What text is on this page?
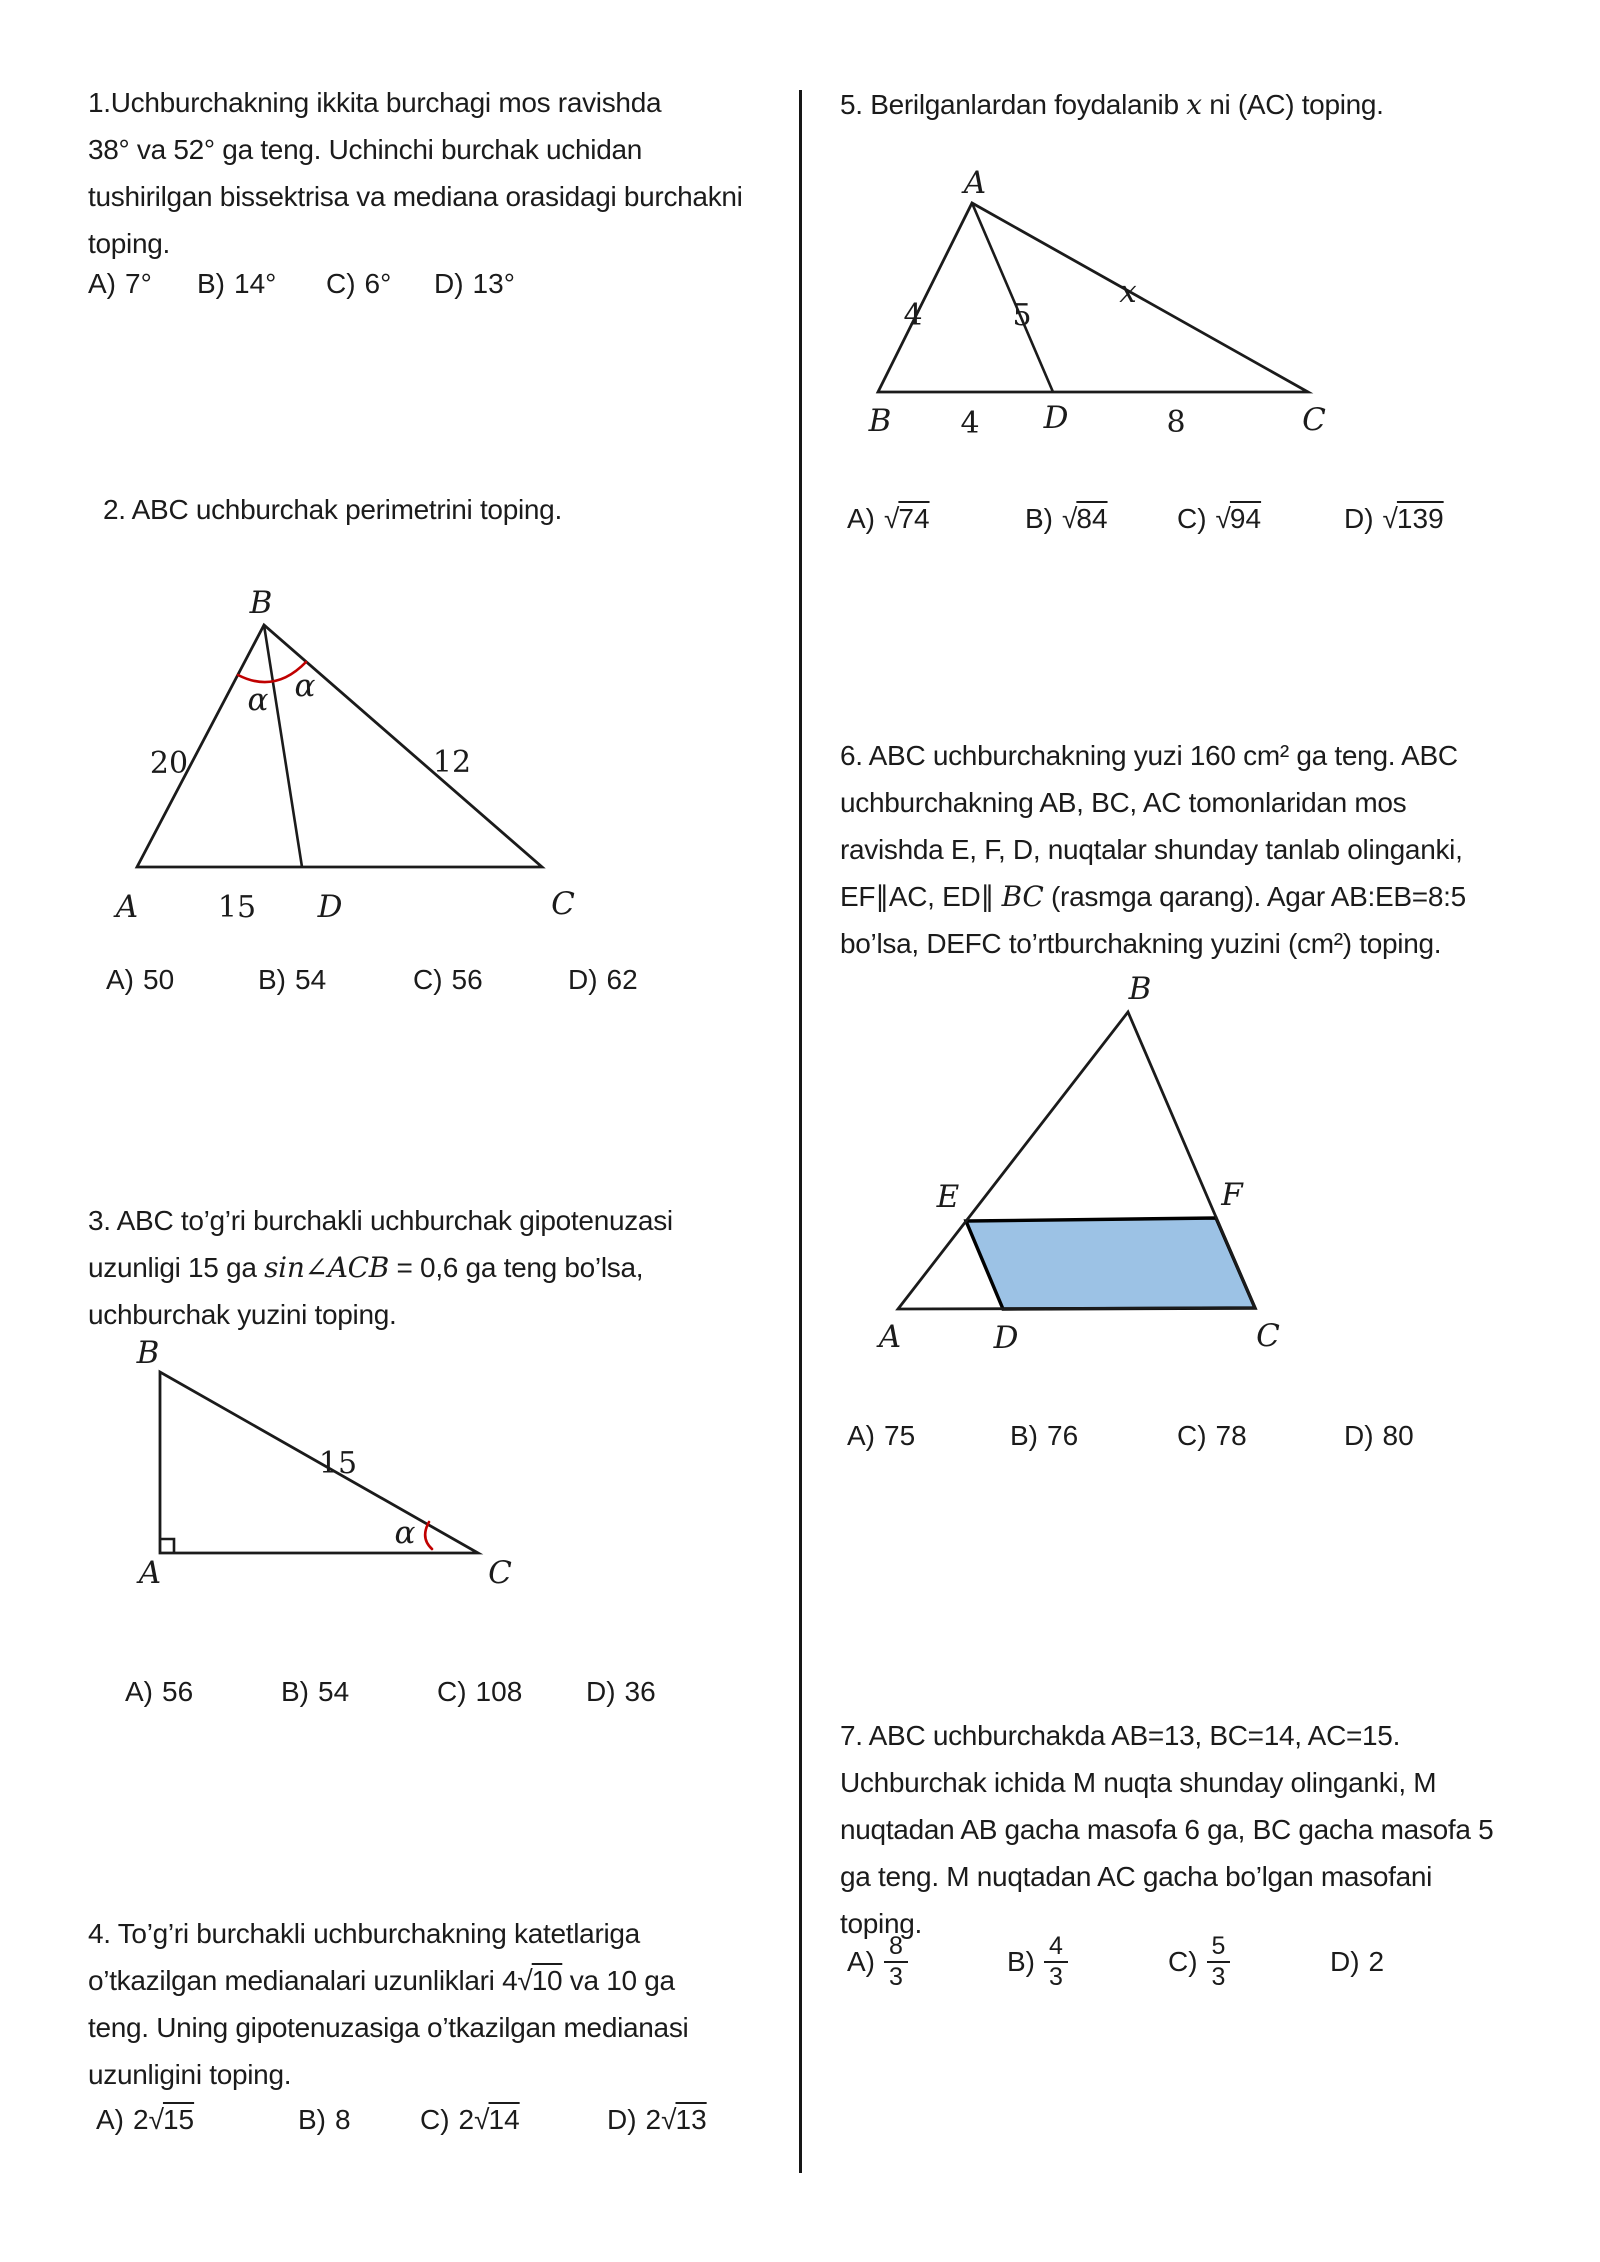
1.Uchburchakning ikkita burchagi mos ravishda
38° va 52° ga teng. Uchinchi burchak uchidan
tushirilgan bissektrisa va mediana orasidagi burchakni
toping.
A) 7° B) 14° C) 6° D) 13°
2. ABC uchburchak perimetrini toping.
B
A	C
D
α α
20	12
15
A) 50	B) 54	C) 56	D) 62
3. ABC to’g’ri burchakli uchburchak gipotenuzasi
uzunligi 15 ga sin∠ACB = 0,6 ga teng bo’lsa,
uchburchak yuzini toping.
B
A	C
15
α
A) 56	B) 54	C) 108 D) 36
4. To’g’ri burchakli uchburchakning katetlariga
o’tkazilgan medianalari uzunliklari 4√10 va 10 ga
teng. Uning gipotenuzasiga o’tkazilgan medianasi
uzunligini toping.
A) 2√15	B) 8 C) 2√14	D) 2√13
5. Berilganlardan foydalanib x ni (AC) toping.
A
B	D	C
4	5
x
4	8
A) √74	B) √84 C) √94	D) √139
6. ABC uchburchakning yuzi 160 cm² ga teng. ABC
uchburchakning AB, BC, AC tomonlaridan mos
ravishda E, F, D, nuqtalar shunday tanlab olinganki,
EF∥AC, ED∥ BC (rasmga qarang). Agar AB:EB=8:5
bo’lsa, DEFC to’rtburchakning yuzini (cm²) toping.
B
E	F
A	D	C
A) 75	B) 76	C) 78	D) 80
7. ABC uchburchakda AB=13, BC=14, AC=15.
Uchburchak ichida M nuqta shunday olinganki, M
nuqtadan AB gacha masofa 6 ga, BC gacha masofa 5
ga teng. M nuqtadan AC gacha bo’lgan masofani
toping.
$A) \frac{8}{3}$	$B) \frac{4}{3}$	$C) \frac{5}{3}$	D) 2
